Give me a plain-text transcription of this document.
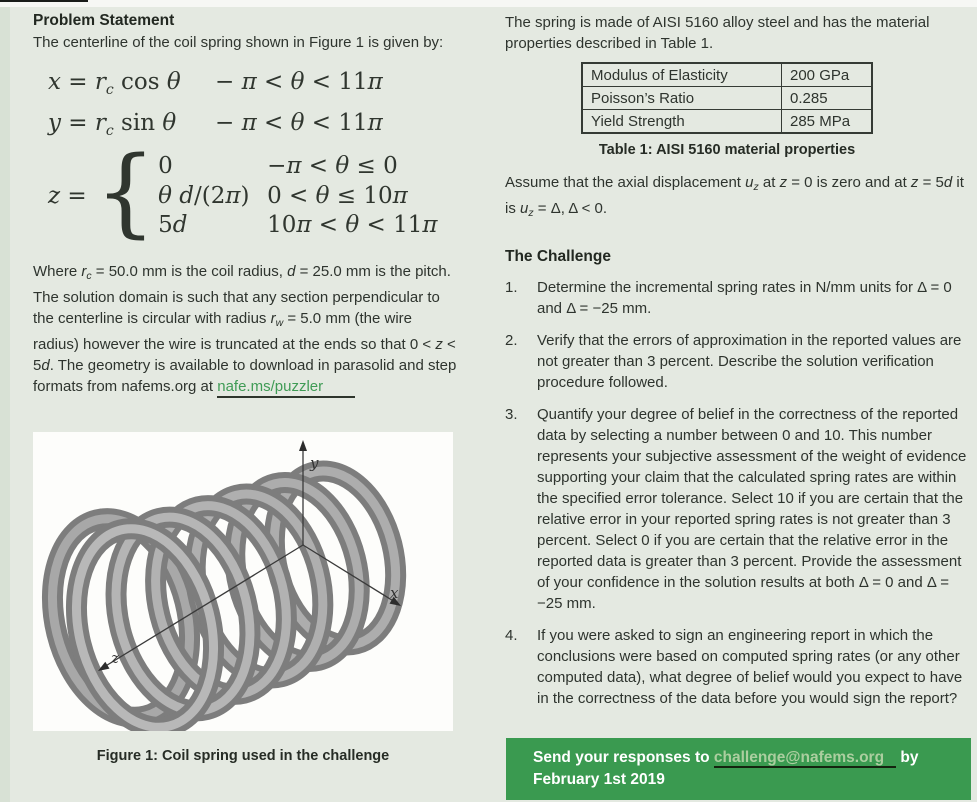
Problem Statement

The centerline of the coil spring shown in Figure 1 is given by:

$x = r_c$ cos θ	− π < θ < 11π
$y = r_c$ sin θ	− π < θ < 11π
z = { 0	−π < θ ≤ 0
θ d/(2π) 0 < θ ≤ 10π
5d	10π < θ < 11π

Where $r_c = 50.0$ mm is the coil radius, d = 25.0 mm is the pitch. The solution domain is such that any section perpendicular to the centerline is circular with radius $r_w = 5.0$ mm (the wire radius) however the wire is truncated at the ends so that 0 < z < 5d. The geometry is available to download in parasolid and step formats from nafems.org at nafe.ms/puzzler

y
x
z
Figure 1: Coil spring used in the challenge

The spring is made of AISI 5160 alloy steel and has the material properties described in Table 1.

Modulus of Elasticity	200 GPa
Poisson’s Ratio	0.285
Yield Strength	285 MPa
Table 1: AISI 5160 material properties

Assume that the axial displacement $u_z$ at z = 0 is zero and at z = 5d it is $u_z = \Delta$, Δ < 0.

The Challenge
1.	Determine the incremental spring rates in N/mm units for Δ = 0 and Δ = −25 mm.
2.	Verify that the errors of approximation in the reported values are not greater than 3 percent. Describe the solution verification procedure followed.
3.	Quantify your degree of belief in the correctness of the reported data by selecting a number between 0 and 10. This number represents your subjective assessment of the weight of evidence supporting your claim that the calculated spring rates are within the specified error tolerance. Select 10 if you are certain that the relative error in your reported spring rates is not greater than 3 percent. Select 0 if you are certain that the relative error in the reported data is greater than 3 percent. Provide the assessment of your confidence in the solution results at both Δ = 0 and Δ = −25 mm.
4.	If you were asked to sign an engineering report in which the conclusions were based on computed spring rates (or any other computed data), what degree of belief would you expect to have in the correctness of the data before you would sign the report?
Send your responses to challenge@nafems.org by February 1st 2019
